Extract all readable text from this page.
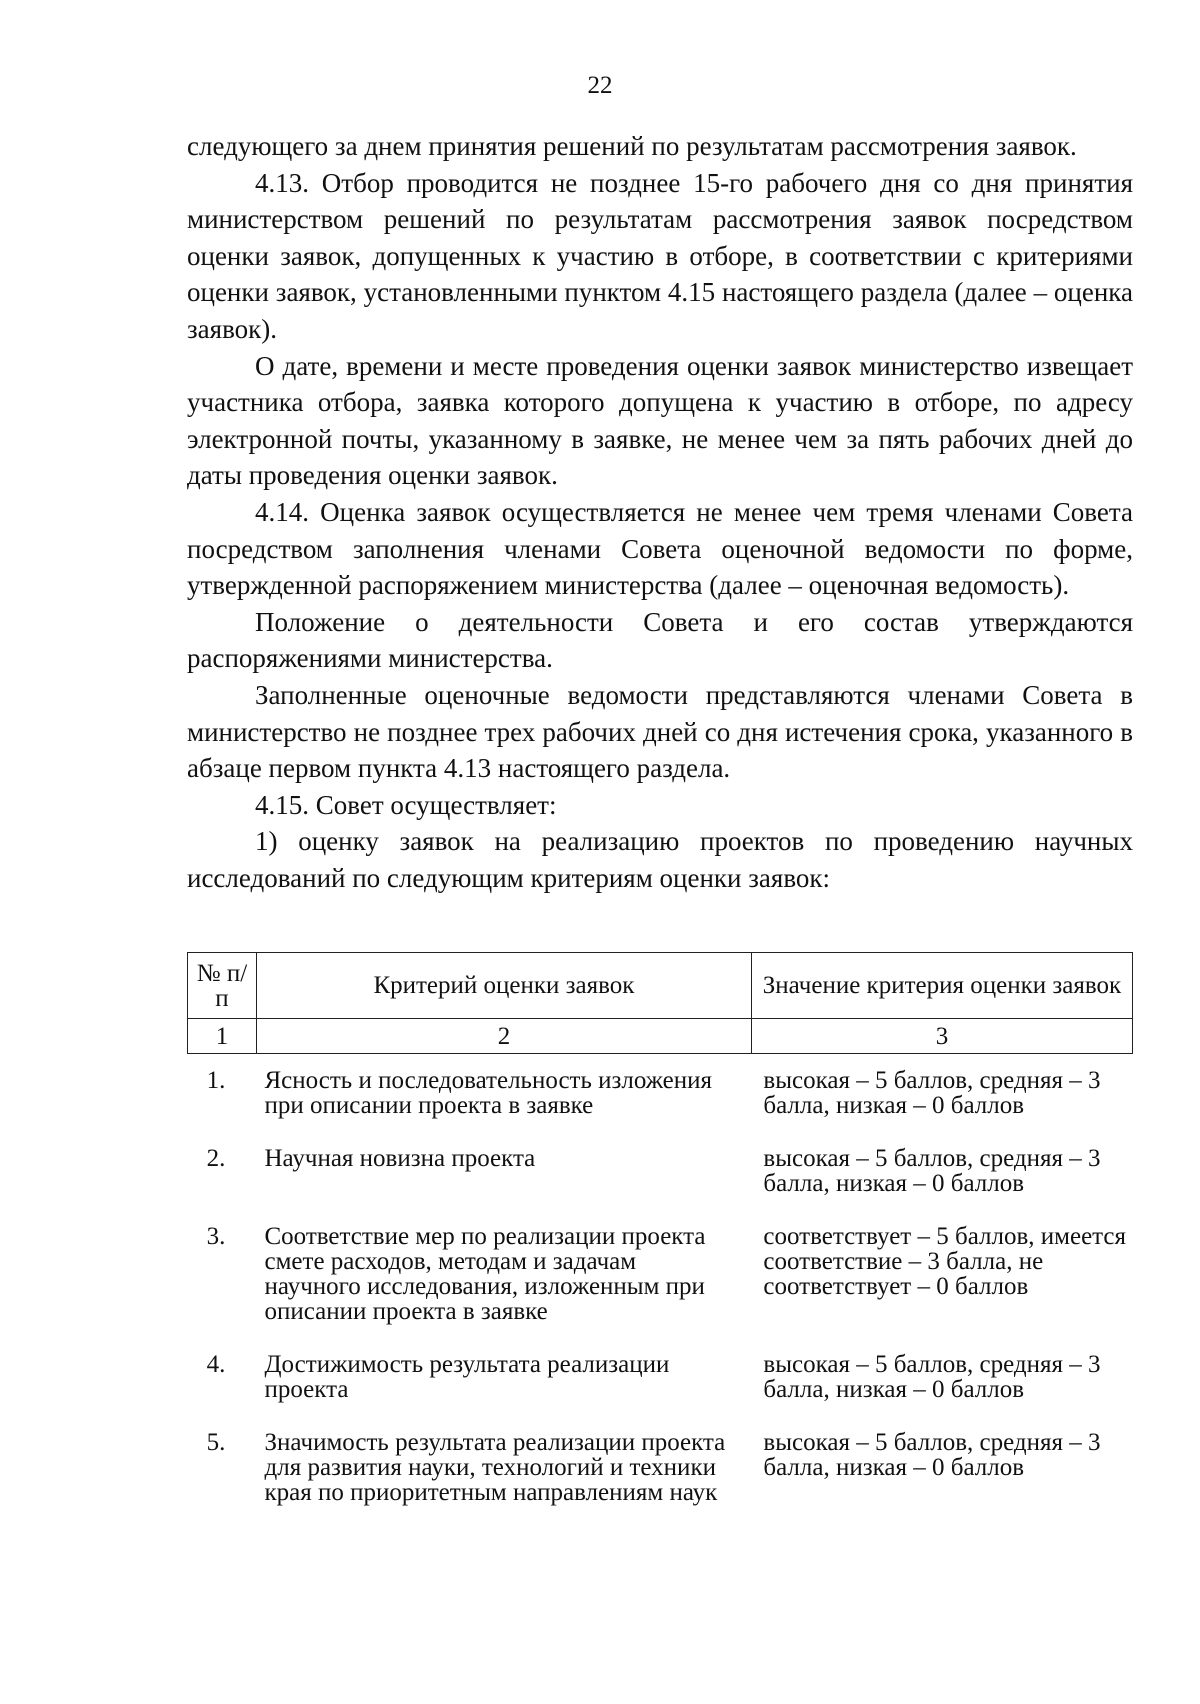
22

следующего за днем принятия решений по результатам рассмотрения заявок.

4.13. Отбор проводится не позднее 15-го рабочего дня со дня принятия министерством решений по результатам рассмотрения заявок посредством оценки заявок, допущенных к участию в отборе, в соответствии с критериями оценки заявок, установленными пунктом 4.15 настоящего раздела (далее – оценка заявок).

О дате, времени и месте проведения оценки заявок министерство извещает участника отбора, заявка которого допущена к участию в отборе, по адресу электронной почты, указанному в заявке, не менее чем за пять рабочих дней до даты проведения оценки заявок.

4.14. Оценка заявок осуществляется не менее чем тремя членами Совета посредством заполнения членами Совета оценочной ведомости по форме, утвержденной распоряжением министерства (далее – оценочная ведомость).

Положение о деятельности Совета и его состав утверждаются распоряжениями министерства.

Заполненные оценочные ведомости представляются членами Совета в министерство не позднее трех рабочих дней со дня истечения срока, указанного в абзаце первом пункта 4.13 настоящего раздела.

4.15. Совет осуществляет:

1) оценку заявок на реализацию проектов по проведению научных исследований по следующим критериям оценки заявок:

№ п/п	Критерий оценки заявок	Значение критерия оценки заявок
1	2	3

1.	Ясность и последовательность изложения при описании проекта в заявке	высокая – 5 баллов, средняя – 3 балла, низкая – 0 баллов
2.	Научная новизна проекта	высокая – 5 баллов, средняя – 3 балла, низкая – 0 баллов
3.	Соответствие мер по реализации проекта смете расходов, методам и задачам научного исследования, изложенным при описании проекта в заявке	соответствует – 5 баллов, имеется соответствие – 3 балла, не соответствует – 0 баллов
4.	Достижимость результата реализации проекта	высокая – 5 баллов, средняя – 3 балла, низкая – 0 баллов
5.	Значимость результата реализации проекта для развития науки, технологий и техники края по приоритетным направлениям наук	высокая – 5 баллов, средняя – 3 балла, низкая – 0 баллов
